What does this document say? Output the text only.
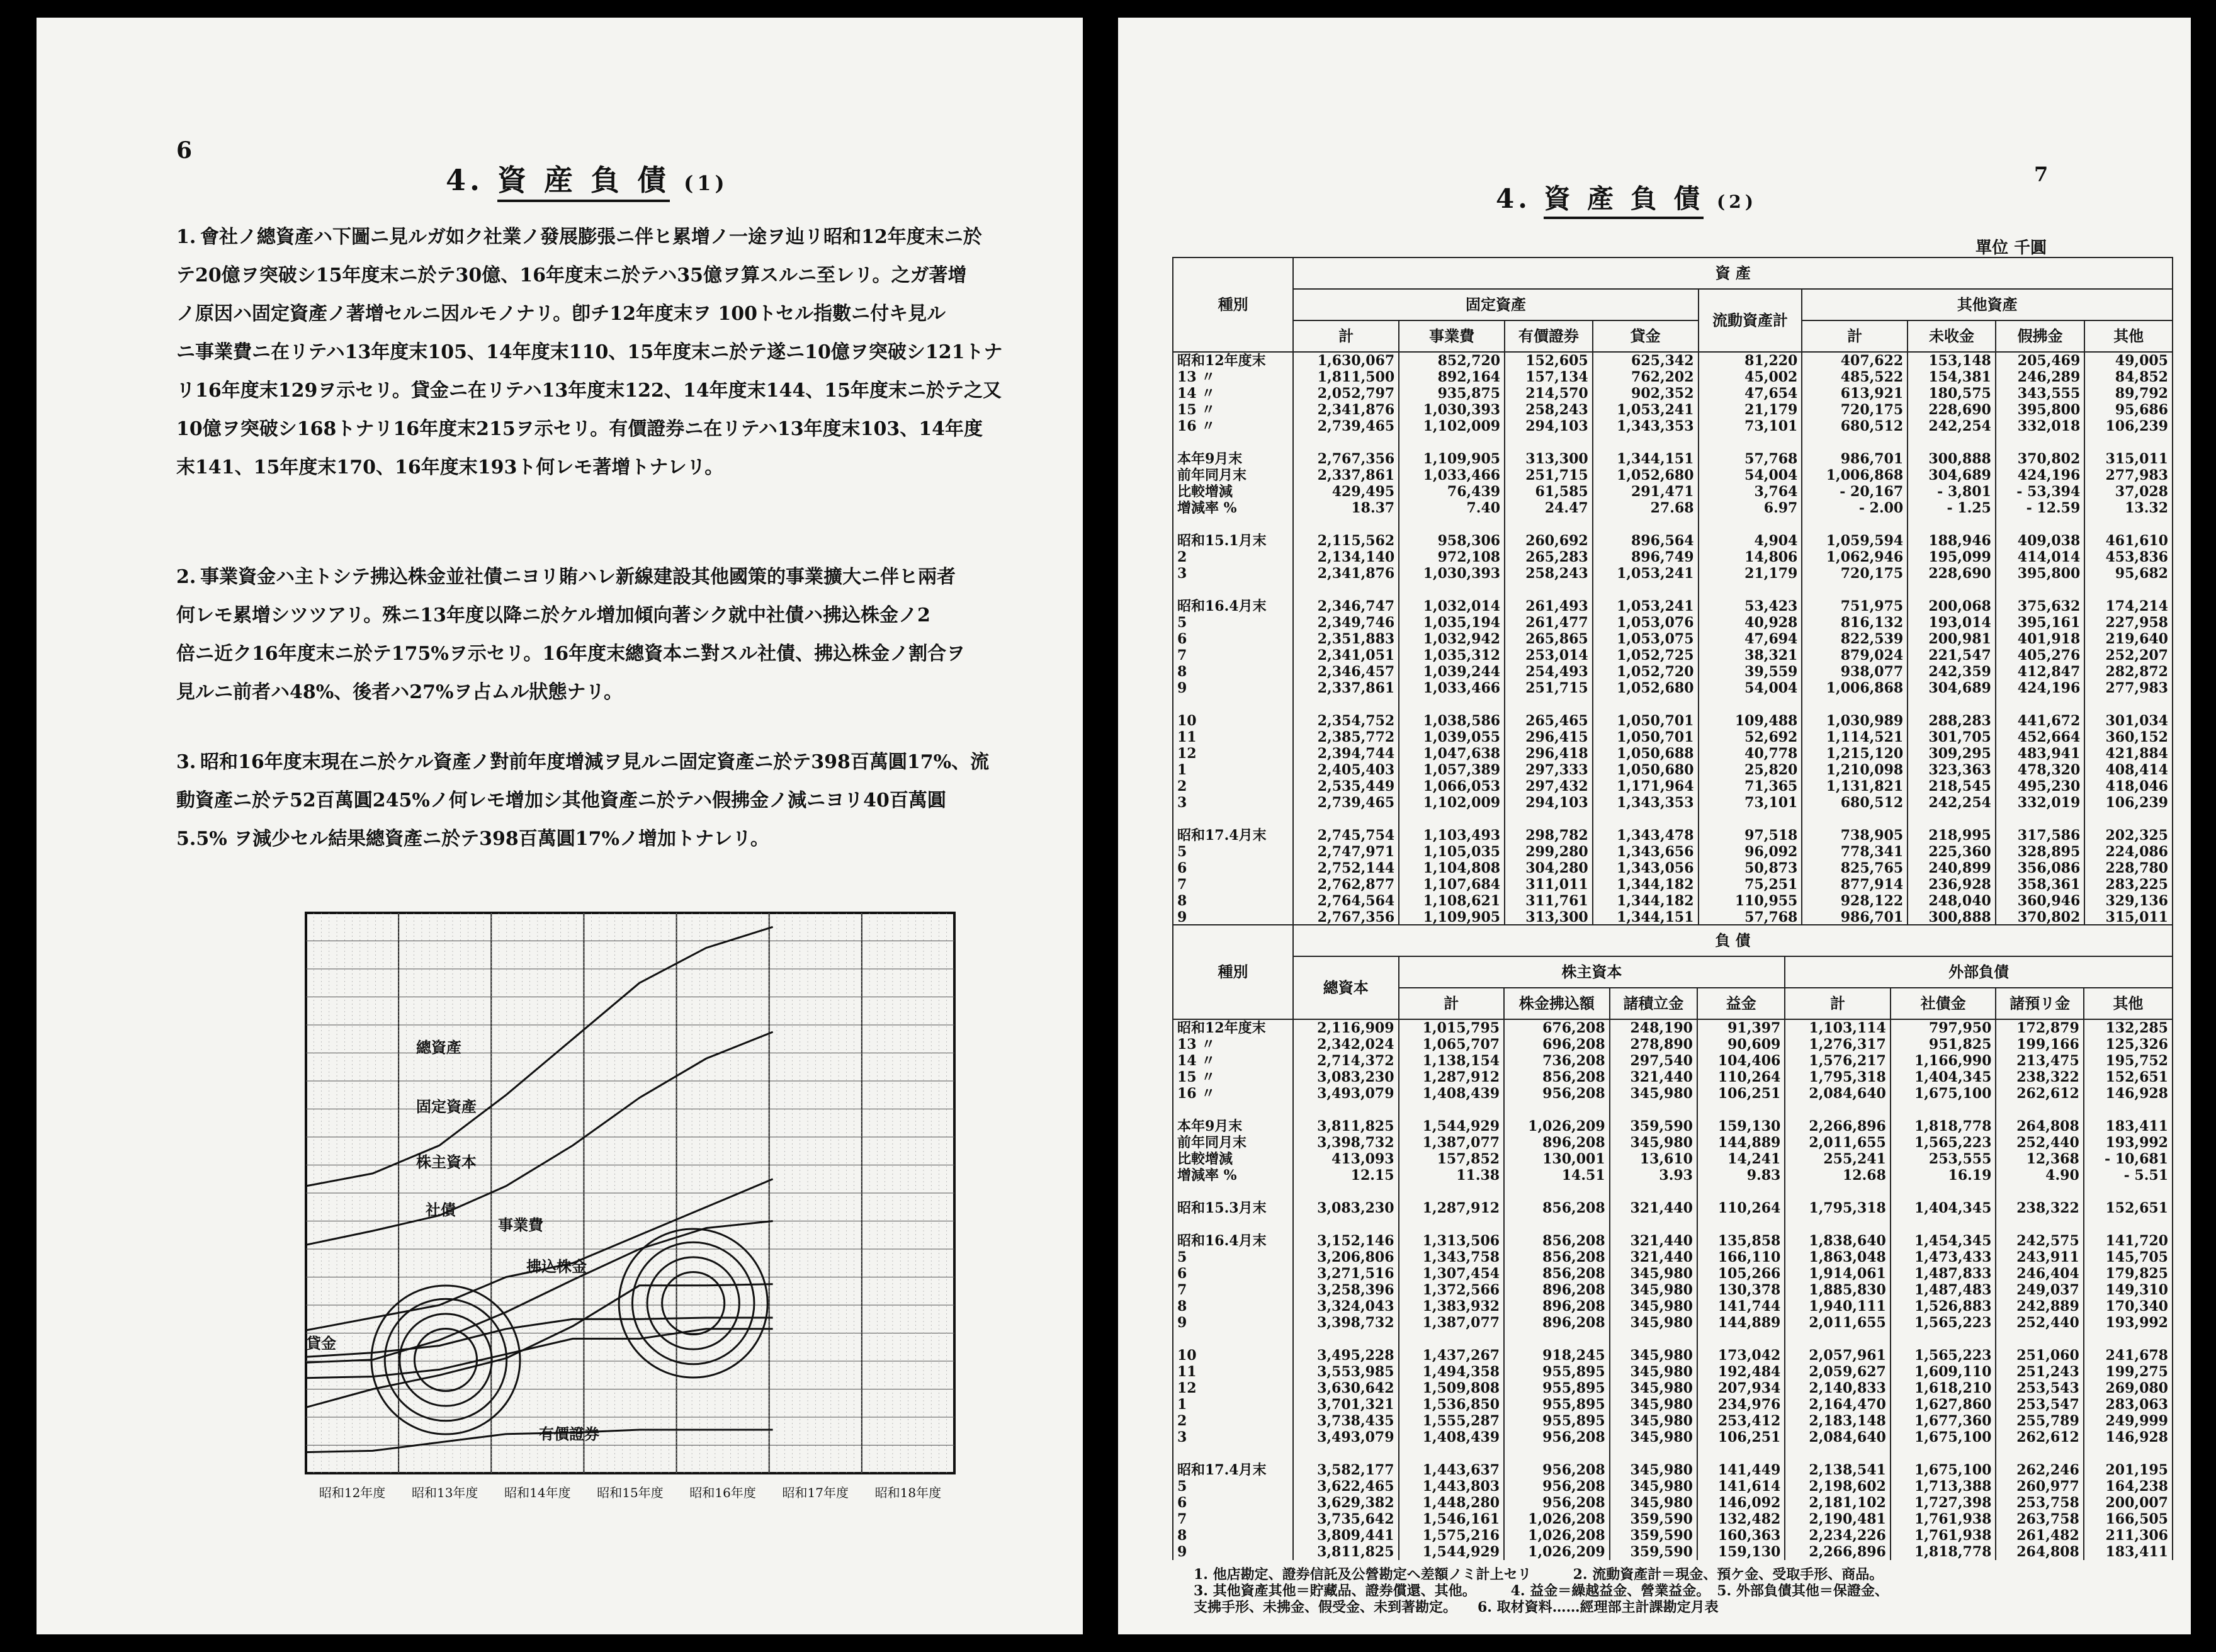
6
4. 資 産 負 債 (1)
1. 會社ノ總資產ハ下圖ニ見ルガ如ク社業ノ發展膨張ニ伴ヒ累增ノ一途ヲ辿リ昭和12年度末ニ於
テ20億ヲ突破シ15年度末ニ於テ30億、16年度末ニ於テハ35億ヲ算スルニ至レリ。之ガ著增
ノ原因ハ固定資產ノ著增セルニ因ルモノナリ。卽チ12年度末ヲ 100トセル指數ニ付キ見ル
ニ事業費ニ在リテハ13年度末105、14年度末110、15年度末ニ於テ遂ニ10億ヲ突破シ121トナ
リ16年度末129ヲ示セリ。貸金ニ在リテハ13年度末122、14年度末144、15年度末ニ於テ之又
10億ヲ突破シ168トナリ16年度末215ヲ示セリ。有價證券ニ在リテハ13年度末103、14年度
末141、15年度末170、16年度末193ト何レモ著增トナレリ。
2. 事業資金ハ主トシテ拂込株金並社債ニヨリ賄ハレ新線建設其他國策的事業擴大ニ伴ヒ兩者
何レモ累增シツツアリ。殊ニ13年度以降ニ於ケル增加傾向著シク就中社債ハ拂込株金ノ2
倍ニ近ク16年度末ニ於テ175%ヲ示セリ。16年度末總資本ニ對スル社債、拂込株金ノ割合ヲ
見ルニ前者ハ48%、後者ハ27%ヲ占ムル狀態ナリ。
3. 昭和16年度末現在ニ於ケル資產ノ對前年度增減ヲ見ルニ固定資產ニ於テ398百萬圓17%、流
動資產ニ於テ52百萬圓245%ノ何レモ增加シ其他資產ニ於テハ假拂金ノ減ニヨリ40百萬圓
5.5% ヲ減少セル結果總資產ニ於テ398百萬圓17%ノ增加トナレリ。
總資產
固定資產
株主資本
社債
事業費
拂込株金
貸金
有價證券
昭和12年度 昭和13年度 昭和14年度 昭和15年度 昭和16年度 昭和17年度 昭和18年度
7
4. 資 產 負 債 (2)
單位 千圓
種別	資 產								
	固定資產				流動資產計	其他資產			
	計	事業費	有價證券	貸金		計	未收金	假拂金	其他
昭和12年度末	1,630,067	852,720	152,605	625,342	81,220	407,622	153,148	205,469	49,005
13 〃	1,811,500	892,164	157,134	762,202	45,002	485,522	154,381	246,289	84,852
14 〃	2,052,797	935,875	214,570	902,352	47,654	613,921	180,575	343,555	89,792
15 〃	2,341,876	1,030,393	258,243	1,053,241	21,179	720,175	228,690	395,800	95,686
16 〃	2,739,465	1,102,009	294,103	1,343,353	73,101	680,512	242,254	332,018	106,239

本年9月末	2,767,356	1,109,905	313,300	1,344,151	57,768	986,701	300,888	370,802	315,011
前年同月末	2,337,861	1,033,466	251,715	1,052,680	54,004	1,006,868	304,689	424,196	277,983
比較增減	429,495	76,439	61,585	291,471	3,764	- 20,167	- 3,801	- 53,394	37,028
增減率 %	18.37	7.40	24.47	27.68	6.97	- 2.00	- 1.25	- 12.59	13.32

昭和15.1月末	2,115,562	958,306	260,692	896,564	4,904	1,059,594	188,946	409,038	461,610
2	2,134,140	972,108	265,283	896,749	14,806	1,062,946	195,099	414,014	453,836
3	2,341,876	1,030,393	258,243	1,053,241	21,179	720,175	228,690	395,800	95,682

昭和16.4月末	2,346,747	1,032,014	261,493	1,053,241	53,423	751,975	200,068	375,632	174,214
5	2,349,746	1,035,194	261,477	1,053,076	40,928	816,132	193,014	395,161	227,958
6	2,351,883	1,032,942	265,865	1,053,075	47,694	822,539	200,981	401,918	219,640
7	2,341,051	1,035,312	253,014	1,052,725	38,321	879,024	221,547	405,276	252,207
8	2,346,457	1,039,244	254,493	1,052,720	39,559	938,077	242,359	412,847	282,872
9	2,337,861	1,033,466	251,715	1,052,680	54,004	1,006,868	304,689	424,196	277,983

10	2,354,752	1,038,586	265,465	1,050,701	109,488	1,030,989	288,283	441,672	301,034
11	2,385,772	1,039,055	296,415	1,050,701	52,692	1,114,521	301,705	452,664	360,152
12	2,394,744	1,047,638	296,418	1,050,688	40,778	1,215,120	309,295	483,941	421,884
1	2,405,403	1,057,389	297,333	1,050,680	25,820	1,210,098	323,363	478,320	408,414
2	2,535,449	1,066,053	297,432	1,171,964	71,365	1,131,821	218,545	495,230	418,046
3	2,739,465	1,102,009	294,103	1,343,353	73,101	680,512	242,254	332,019	106,239

昭和17.4月末	2,745,754	1,103,493	298,782	1,343,478	97,518	738,905	218,995	317,586	202,325
5	2,747,971	1,105,035	299,280	1,343,656	96,092	778,341	225,360	328,895	224,086
6	2,752,144	1,104,808	304,280	1,343,056	50,873	825,765	240,899	356,086	228,780
7	2,762,877	1,107,684	311,011	1,344,182	75,251	877,914	236,928	358,361	283,225
8	2,764,564	1,108,621	311,761	1,344,182	110,955	928,122	248,040	360,946	329,136
9	2,767,356	1,109,905	313,300	1,344,151	57,768	986,701	300,888	370,802	315,011
種別	負 債								
	總資本	株主資本				外部負債			
		計	株金拂込額	諸積立金	益金	計	社債金	諸預リ金	其他
昭和12年度末	2,116,909	1,015,795	676,208	248,190	91,397	1,103,114	797,950	172,879	132,285
13 〃	2,342,024	1,065,707	696,208	278,890	90,609	1,276,317	951,825	199,166	125,326
14 〃	2,714,372	1,138,154	736,208	297,540	104,406	1,576,217	1,166,990	213,475	195,752
15 〃	3,083,230	1,287,912	856,208	321,440	110,264	1,795,318	1,404,345	238,322	152,651
16 〃	3,493,079	1,408,439	956,208	345,980	106,251	2,084,640	1,675,100	262,612	146,928

本年9月末	3,811,825	1,544,929	1,026,209	359,590	159,130	2,266,896	1,818,778	264,808	183,411
前年同月末	3,398,732	1,387,077	896,208	345,980	144,889	2,011,655	1,565,223	252,440	193,992
比較增減	413,093	157,852	130,001	13,610	14,241	255,241	253,555	12,368	- 10,681
增減率 %	12.15	11.38	14.51	3.93	9.83	12.68	16.19	4.90	- 5.51

昭和15.3月末	3,083,230	1,287,912	856,208	321,440	110,264	1,795,318	1,404,345	238,322	152,651

昭和16.4月末	3,152,146	1,313,506	856,208	321,440	135,858	1,838,640	1,454,345	242,575	141,720
5	3,206,806	1,343,758	856,208	321,440	166,110	1,863,048	1,473,433	243,911	145,705
6	3,271,516	1,307,454	856,208	345,980	105,266	1,914,061	1,487,833	246,404	179,825
7	3,258,396	1,372,566	896,208	345,980	130,378	1,885,830	1,487,483	249,037	149,310
8	3,324,043	1,383,932	896,208	345,980	141,744	1,940,111	1,526,883	242,889	170,340
9	3,398,732	1,387,077	896,208	345,980	144,889	2,011,655	1,565,223	252,440	193,992

10	3,495,228	1,437,267	918,245	345,980	173,042	2,057,961	1,565,223	251,060	241,678
11	3,553,985	1,494,358	955,895	345,980	192,484	2,059,627	1,609,110	251,243	199,275
12	3,630,642	1,509,808	955,895	345,980	207,934	2,140,833	1,618,210	253,543	269,080
1	3,701,321	1,536,850	955,895	345,980	234,976	2,164,470	1,627,860	253,547	283,063
2	3,738,435	1,555,287	955,895	345,980	253,412	2,183,148	1,677,360	255,789	249,999
3	3,493,079	1,408,439	956,208	345,980	106,251	2,084,640	1,675,100	262,612	146,928

昭和17.4月末	3,582,177	1,443,637	956,208	345,980	141,449	2,138,541	1,675,100	262,246	201,195
5	3,622,465	1,443,803	956,208	345,980	141,614	2,198,602	1,713,388	260,977	164,238
6	3,629,382	1,448,280	956,208	345,980	146,092	2,181,102	1,727,398	253,758	200,007
7	3,735,642	1,546,161	1,026,208	359,590	132,482	2,190,481	1,761,938	263,758	166,505
8	3,809,441	1,575,216	1,026,208	359,590	160,363	2,234,226	1,761,938	261,482	211,306
9	3,811,825	1,544,929	1,026,209	359,590	159,130	2,266,896	1,818,778	264,808	183,411
1. 他店勘定、證券信託及公營勘定ヘ差額ノミ計上セリ　　　2. 流動資產計＝現金、預ケ金、受取手形、商品。
3. 其他資產其他＝貯藏品、證券償還、其他。　　　4. 益金＝繰越益金、營業益金。　5. 外部負債其他＝保證金、
支拂手形、未拂金、假受金、未到著勘定。　　6. 取材資料……經理部主計課勘定月表
